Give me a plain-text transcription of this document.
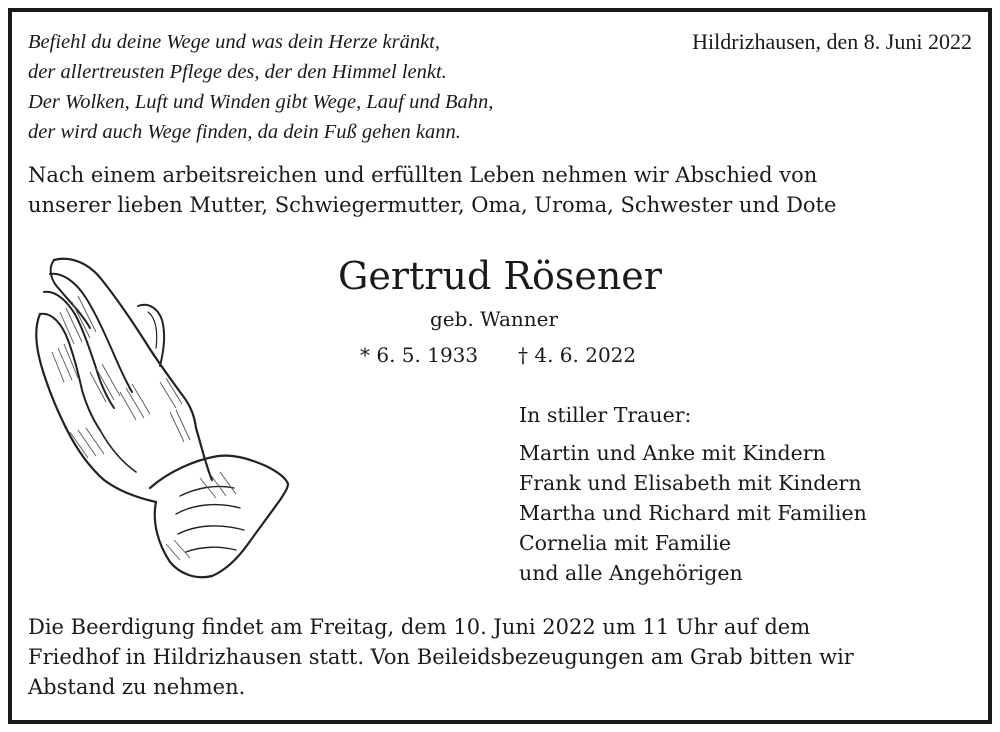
Befiehl du deine Wege und was dein Herze kränkt,
der allertreusten Pflege des, der den Himmel lenkt.
Der Wolken, Luft und Winden gibt Wege, Lauf und Bahn,
der wird auch Wege finden, da dein Fuß gehen kann.
Hildrizhausen, den 8. Juni 2022
Nach einem arbeitsreichen und erfüllten Leben nehmen wir Abschied von
unserer lieben Mutter, Schwiegermutter, Oma, Uroma, Schwester und Dote
Gertrud Rösener
geb. Wanner
* 6. 5. 1933 † 4. 6. 2022
In stiller Trauer:
Martin und Anke mit Kindern
Frank und Elisabeth mit Kindern
Martha und Richard mit Familien
Cornelia mit Familie
und alle Angehörigen
Die Beerdigung findet am Freitag, dem 10. Juni 2022 um 11 Uhr auf dem
Friedhof in Hildrizhausen statt. Von Beileidsbezeugungen am Grab bitten wir
Abstand zu nehmen.
